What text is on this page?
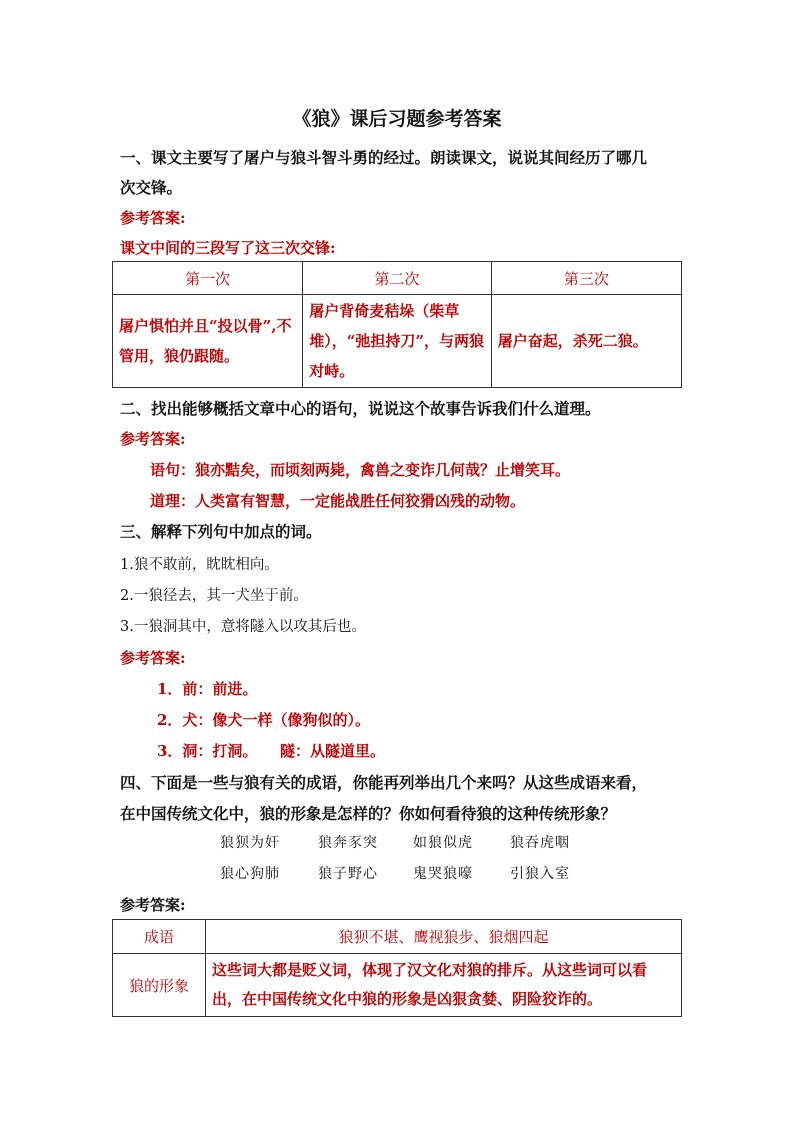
《狼》课后习题参考答案
一、课文主要写了屠户与狼斗智斗勇的经过。朗读课文，说说其间经历了哪几
次交锋。
参考答案:
课文中间的三段写了这三次交锋:
第一次	第二次	第三次
屠户惧怕并且“投以骨”,不管用，狼仍跟随。	屠户背倚麦秸垛（柴草堆），“弛担持刀”，与两狼对峙。	屠户奋起，杀死二狼。
二、找出能够概括文章中心的语句，说说这个故事告诉我们什么道理。
参考答案:
语句：狼亦黠矣，而顷刻两毙，禽兽之变诈几何哉？止增笑耳。
道理：人类富有智慧，一定能战胜任何狡猾凶残的动物。
三、解释下列句中加点的词。
1.狼不敢前，眈眈相向。
2.一狼径去，其一犬坐于前。
3.一狼洞其中，意将隧入以攻其后也。
参考答案:
1．前：前进。
2．犬：像犬一样（像狗似的）。
3．洞：打洞。　　隧：从隧道里。
四、下面是一些与狼有关的成语，你能再列举出几个来吗？从这些成语来看，
在中国传统文化中，狼的形象是怎样的？你如何看待狼的这种传统形象？
狼狈为奸	狼奔豕突	如狼似虎	狼吞虎咽
狼心狗肺	狼子野心	鬼哭狼嚎	引狼入室
参考答案:
成语	狼狈不堪、鹰视狼步、狼烟四起
狼的形象	这些词大都是贬义词，体现了汉文化对狼的排斥。从这些词可以看出，在中国传统文化中狼的形象是凶狠贪婪、阴险狡诈的。
